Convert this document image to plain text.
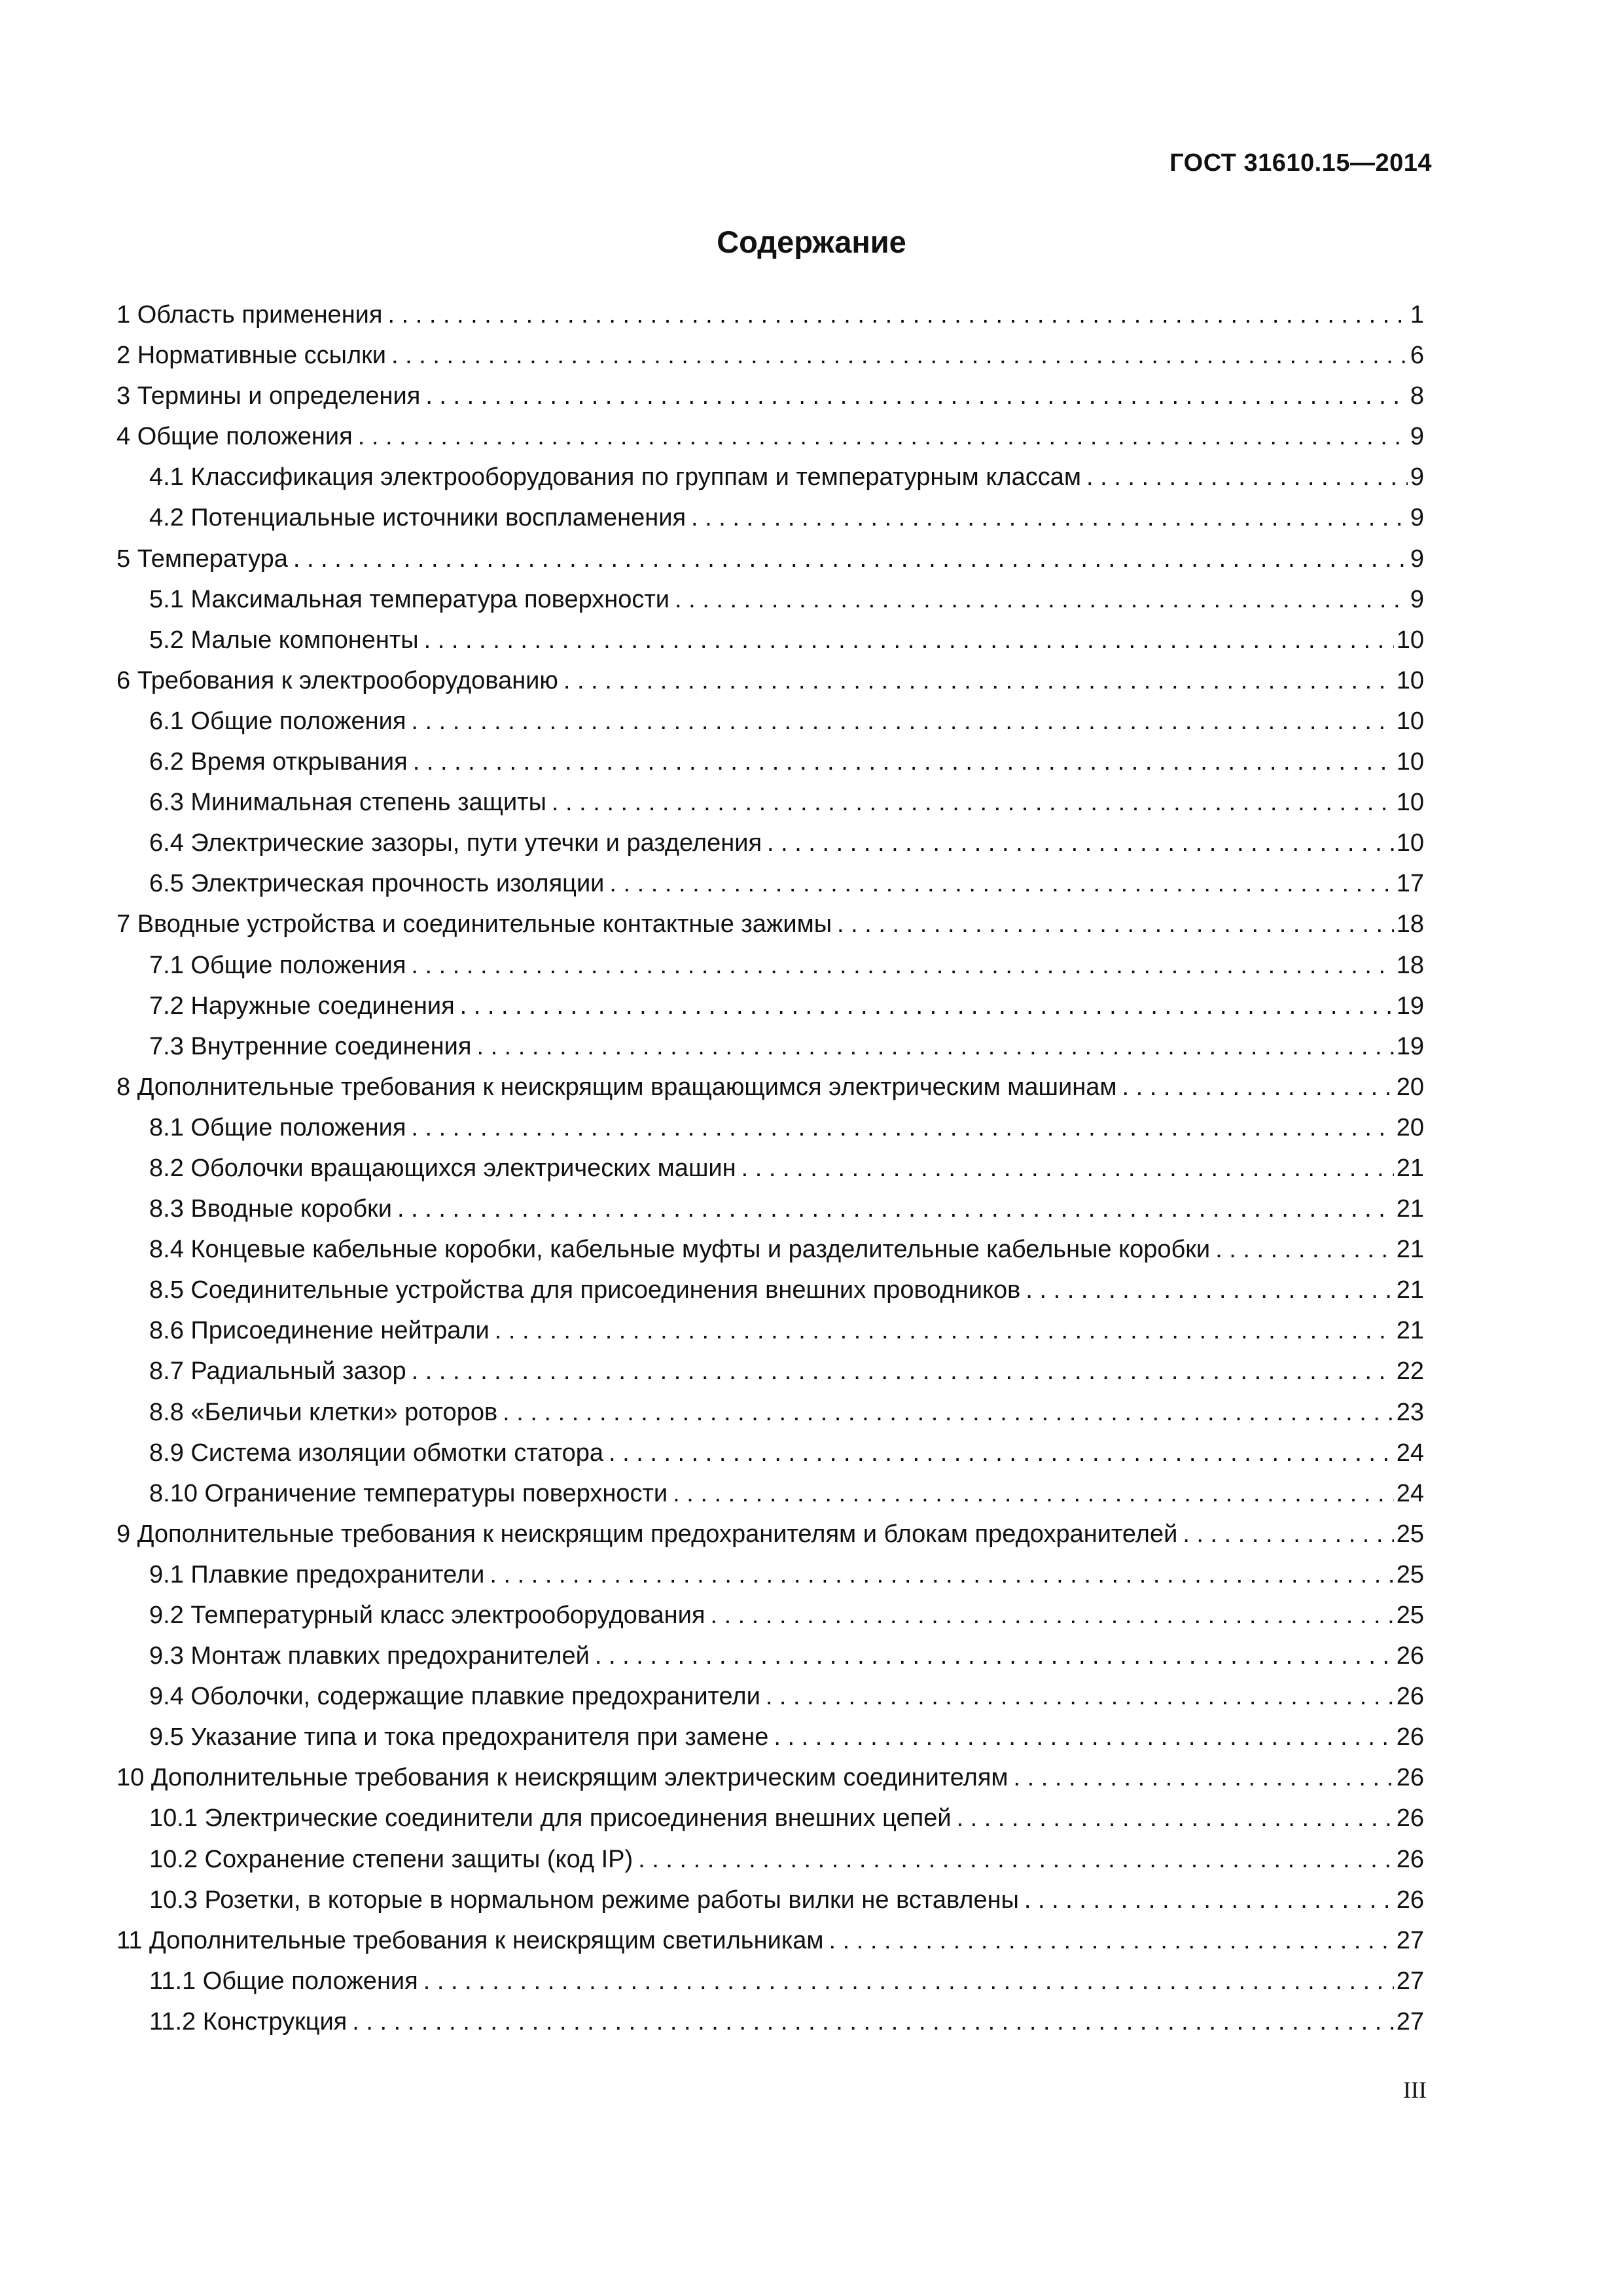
ГОСТ 31610.15—2014
Содержание
1 Область применения . . .	1
2 Нормативные ссылки . . .	6
3 Термины и определения . . .	8
4 Общие положения . . .	9
4.1 Классификация электрооборудования по группам и температурным классам . . .	9
4.2 Потенциальные источники воспламенения . . .	9
5 Температура . . .	9
5.1 Максимальная температура поверхности . . .	9
5.2 Малые компоненты . . .	10
6 Требования к электрооборудованию . . .	10
6.1 Общие положения . . .	10
6.2 Время открывания . . .	10
6.3 Минимальная степень защиты . . .	10
6.4 Электрические зазоры, пути утечки и разделения . . .	10
6.5 Электрическая прочность изоляции . . .	17
7 Вводные устройства и соединительные контактные зажимы . . .	18
7.1 Общие положения . . .	18
7.2 Наружные соединения . . .	19
7.3 Внутренние соединения . . .	19
8 Дополнительные требования к неискрящим вращающимся электрическим машинам . . .	20
8.1 Общие положения . . .	20
8.2 Оболочки вращающихся электрических машин . . .	21
8.3 Вводные коробки . . .	21
8.4 Концевые кабельные коробки, кабельные муфты и разделительные кабельные коробки . . .	21
8.5 Соединительные устройства для присоединения внешних проводников . . .	21
8.6 Присоединение нейтрали . . .	21
8.7 Радиальный зазор . . .	22
8.8 «Беличьи клетки» роторов . . .	23
8.9 Система изоляции обмотки статора . . .	24
8.10 Ограничение температуры поверхности . . .	24
9 Дополнительные требования к неискрящим предохранителям и блокам предохранителей . . .	25
9.1 Плавкие предохранители . . .	25
9.2 Температурный класс электрооборудования . . .	25
9.3 Монтаж плавких предохранителей . . .	26
9.4 Оболочки, содержащие плавкие предохранители . . .	26
9.5 Указание типа и тока предохранителя при замене . . .	26
10 Дополнительные требования к неискрящим электрическим соединителям . . .	26
10.1 Электрические соединители для присоединения внешних цепей . . .	26
10.2 Сохранение степени защиты (код IP) . . .	26
10.3 Розетки, в которые в нормальном режиме работы вилки не вставлены . . .	26
11 Дополнительные требования к неискрящим светильникам . . .	27
11.1 Общие положения . . .	27
11.2 Конструкция . . .	27
III
